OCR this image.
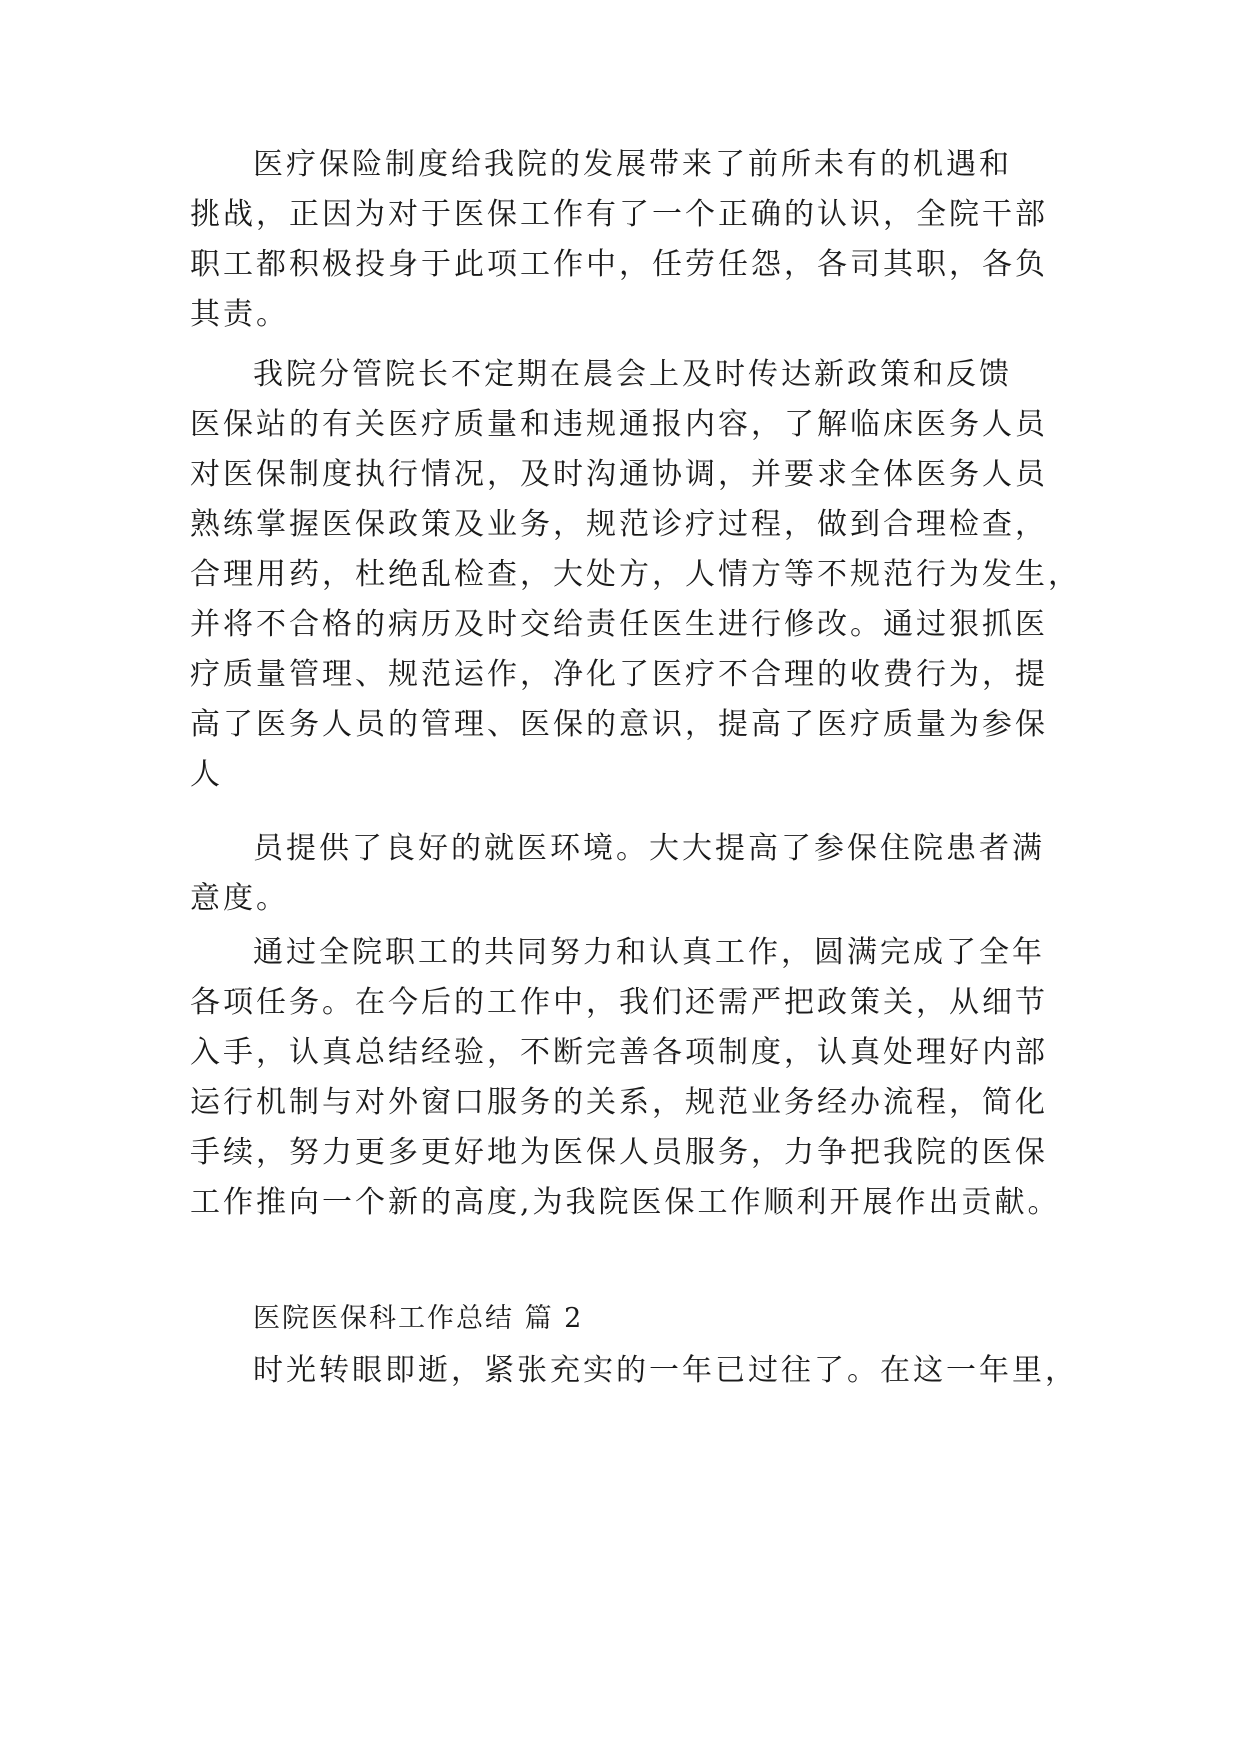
医疗保险制度给我院的发展带来了前所未有的机遇和
挑战，正因为对于医保工作有了一个正确的认识，全院干部
职工都积极投身于此项工作中，任劳任怨，各司其职，各负
其责。
我院分管院长不定期在晨会上及时传达新政策和反馈
医保站的有关医疗质量和违规通报内容，了解临床医务人员
对医保制度执行情况，及时沟通协调，并要求全体医务人员
熟练掌握医保政策及业务，规范诊疗过程，做到合理检查，
合理用药，杜绝乱检查，大处方，人情方等不规范行为发生，
并将不合格的病历及时交给责任医生进行修改。通过狠抓医
疗质量管理、规范运作，净化了医疗不合理的收费行为，提
高了医务人员的管理、医保的意识，提高了医疗质量为参保
人
员提供了良好的就医环境。大大提高了参保住院患者满
意度。
通过全院职工的共同努力和认真工作，圆满完成了全年
各项任务。在今后的工作中，我们还需严把政策关，从细节
入手，认真总结经验，不断完善各项制度，认真处理好内部
运行机制与对外窗口服务的关系，规范业务经办流程，简化
手续，努力更多更好地为医保人员服务，力争把我院的医保
工作推向一个新的高度,为我院医保工作顺利开展作出贡献。
医院医保科工作总结 篇 2
时光转眼即逝，紧张充实的一年已过往了。在这一年里，
